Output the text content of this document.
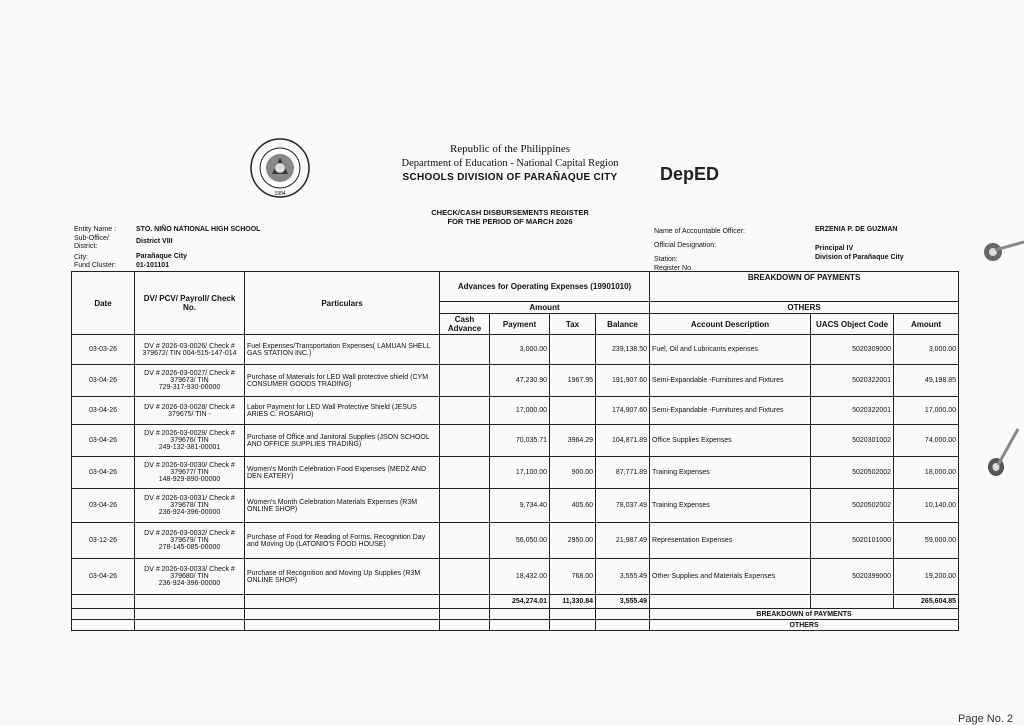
1994
Republic of the Philippines
Department of Education - National Capital Region
SCHOOLS DIVISION OF PARAÑAQUE CITY	DepED
CHECK/CASH DISBURSEMENTS REGISTER
FOR THE PERIOD OF MARCH 2026
Entity Name :	STO. NIÑO NATIONAL HIGH SCHOOL
Sub-Office/
District:
District VIII
City:	Parañaque City
Fund Cluster:	01-101101
Name of Accountable Officer:	ERZENIA P. DE GUZMAN
Official Designation:	Principal IV
Station:	Division of Parañaque City
Register No.
Date	DV/ PCV/ Payroll/ Check No.	Particulars	Advances for Operating Expenses (19901010)				BREAKDOWN OF PAYMENTS		
			Amount				OTHERS		
			Cash Advance	Payment	Tax	Balance	Account Description	UACS Object Code	Amount
03-03-26	DV # 2026-03-0026/ Check #
379672/ TIN 004-515-147-014	Fuel Expenses/Transportation Expenses( LAMUAN SHELL GAS STATION INC.)		3,000.00		239,138.50	Fuel, Oil and Lubricants expenses	5020309000	3,000.00
03-04-26	DV # 2026-03-0027/ Check #
379673/ TIN
729-317-930-00000	Purchase of Materials for LED Wall protective shield (CYM CONSUMER GOODS TRADING)		47,230.90	1967.95	191,907.60	Semi-Expandable -Furnitures and Fixtures	5020322001	49,198.85
03-04-26	DV # 2026-03-0028/ Check #
379675/ TIN -	Labor Payment for LED Wall Protective Shield (JESUS ARIES C. ROSARIO)		17,000.00		174,907.60	Semi-Expandable -Furnitures and Fixtures	5020322001	17,000.00
03-04-26	DV # 2026-03-0029/ Check #
379676/ TIN
249-132-381-00001	Purchase of Office and Janitoral Supplies (JSON SCHOOL AND OFFICE SUPPLIES TRADING)		70,035.71	3964.29	104,871.89	Office Supplies Expenses	5020301002	74,000.00
03-04-26	DV # 2026-03-0030/ Check #
379677/ TIN
148-929-890-00000	Women's Month Celebration Food Expenses (MEDZ AND DEN EATERY)		17,100.00	900.00	87,771.89	Training Expenses	5020502002	18,000.00
03-04-26	DV # 2026-03-0031/ Check #
379678/ TIN
236-924-396-00000	Women's Month Celebration Materials Expenses (R3M ONLINE SHOP)		9,734.40	405.60	78,037.49	Training Expenses	5020502002	10,140.00
03-12-26	DV # 2026-03-0032/ Check #
379679/ TIN
278-145-085-00000	Purchase of Food for Reading of Forms, Recognition Day and Moving Up (LATONIO'S FOOD HOUSE)		56,050.00	2950.00	21,987.49	Representation Expenses	5020101000	59,000.00
03-04-26	DV # 2026-03-0033/ Check #
379680/ TIN
236-924-396-00000	Purchase of Recognition and Moving Up Supplies (R3M ONLINE SHOP)		18,432.00	768.00	3,555.49	Other Supplies and Materials Expenses	5020399000	19,200.00
				254,274.01	11,330.84	3,555.49			265,604.85
							BREAKDOWN of PAYMENTS		
							OTHERS		
Page No. 2
